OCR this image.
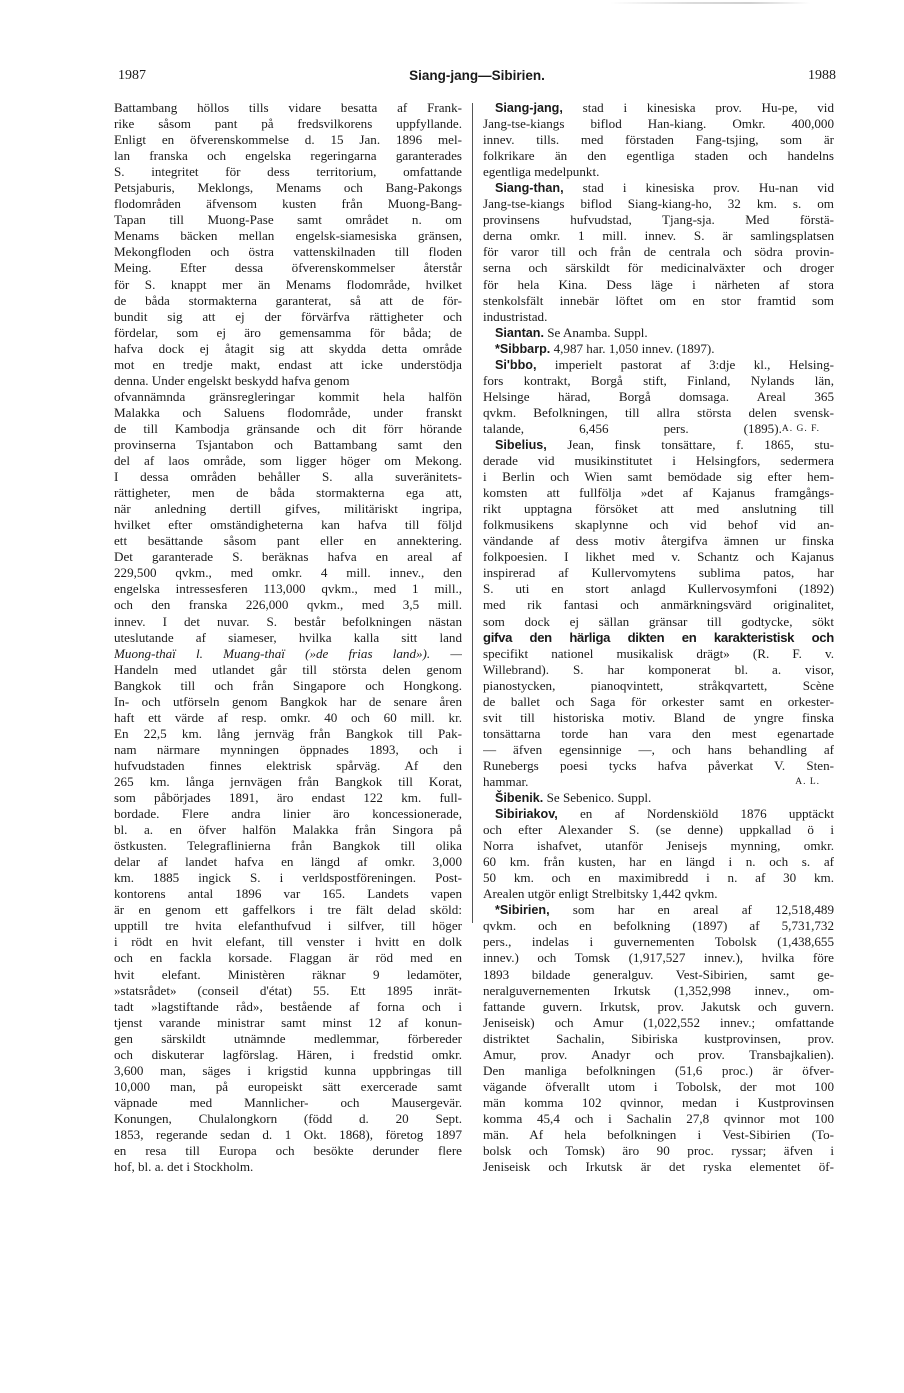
1987	Siang-jang—Sibirien.	1988
Battambang höllos tills vidare besatta af Frank-
rike såsom pant på fredsvilkorens uppfyllande.
Enligt en öfverenskommelse d. 15 Jan. 1896 mel-
lan franska och engelska regeringarna garanterades
S. integritet för dess territorium, omfattande
Petsjaburis, Meklongs, Menams och Bang-Pakongs
flodområden äfvensom kusten från Muong-Bang-
Tapan till Muong-Pase samt området n. om
Menams bäcken mellan engelsk-siamesiska gränsen,
Mekongfloden och östra vattenskilnaden till floden
Meing. Efter dessa öfverenskommelser återstår
för S. knappt mer än Menams flodområde, hvilket
de båda stormakterna garanterat, så att de för-
bundit sig att ej der förvärfva rättigheter och
fördelar, som ej äro gemensamma för båda; de
hafva dock ej åtagit sig att skydda detta område
mot en tredje makt, endast att icke understödja
denna. Under engelskt beskydd hafva genom
ofvannämnda gränsregleringar kommit hela halfön
Malakka och Saluens flodområde, under franskt
de till Kambodja gränsande och dit förr hörande
provinserna Tsjantabon och Battambang samt den
del af laos område, som ligger höger om Mekong.
I dessa områden behåller S. alla suveränitets-
rättigheter, men de båda stormakterna ega att,
när anledning dertill gifves, militäriskt ingripa,
hvilket efter omständigheterna kan hafva till följd
ett besättande såsom pant eller en annektering.
Det garanterade S. beräknas hafva en areal af
229,500 qvkm., med omkr. 4 mill. innev., den
engelska intressesferen 113,000 qvkm., med 1 mill.,
och den franska 226,000 qvkm., med 3,5 mill.
innev. I det nuvar. S. består befolkningen nästan
uteslutande af siameser, hvilka kalla sitt land
Muong-thaï l. Muang-thaï (»de frias land»). —
Handeln med utlandet går till största delen genom
Bangkok till och från Singapore och Hongkong.
In- och utförseln genom Bangkok har de senare åren
haft ett värde af resp. omkr. 40 och 60 mill. kr.
En 22,5 km. lång jernväg från Bangkok till Pak-
nam närmare mynningen öppnades 1893, och i
hufvudstaden finnes elektrisk spårväg. Af den
265 km. långa jernvägen från Bangkok till Korat,
som påbörjades 1891, äro endast 122 km. full-
bordade. Flere andra linier äro koncessionerade,
bl. a. en öfver halfön Malakka från Singora på
östkusten. Telegraflinierna från Bangkok till olika
delar af landet hafva en längd af omkr. 3,000
km. 1885 ingick S. i verldspostföreningen. Post-
kontorens antal 1896 var 165. Landets vapen
är en genom ett gaffelkors i tre fält delad sköld:
upptill tre hvita elefanthufvud i silfver, till höger
i rödt en hvit elefant, till venster i hvitt en dolk
och en fackla korsade. Flaggan är röd med en
hvit elefant. Ministèren räknar 9 ledamöter,
»statsrådet» (conseil d'état) 55. Ett 1895 inrät-
tadt »lagstiftande råd», bestående af forna och i
tjenst varande ministrar samt minst 12 af konun-
gen särskildt utnämnde medlemmar, förbereder
och diskuterar lagförslag. Hären, i fredstid omkr.
3,600 man, säges i krigstid kunna uppbringas till
10,000 man, på europeiskt sätt exercerade samt
väpnade med Mannlicher- och Mausergevär.
Konungen, Chulalongkorn (född d. 20 Sept.
1853, regerande sedan d. 1 Okt. 1868), företog 1897
en resa till Europa och besökte derunder flere
hof, bl. a. det i Stockholm.
Siang-jang, stad i kinesiska prov. Hu-pe, vid
Jang-tse-kiangs biflod Han-kiang. Omkr. 400,000
innev. tills. med förstaden Fang-tsjing, som är
folkrikare än den egentliga staden och handelns
egentliga medelpunkt.
Siang-than, stad i kinesiska prov. Hu-nan vid
Jang-tse-kiangs biflod Siang-kiang-ho, 32 km. s. om
provinsens hufvudstad, Tjang-sja. Med förstä-
derna omkr. 1 mill. innev. S. är samlingsplatsen
för varor till och från de centrala och södra provin-
serna och särskildt för medicinalväxter och droger
för hela Kina. Dess läge i närheten af stora
stenkolsfält innebär löftet om en stor framtid som
industristad.
Siantan. Se Anamba. Suppl.
*Sibbarp. 4,987 har. 1,050 innev. (1897).
Si'bbo, imperielt pastorat af 3:dje kl., Helsing-
fors kontrakt, Borgå stift, Finland, Nylands län,
Helsinge härad, Borgå domsaga. Areal 365
qvkm. Befolkningen, till allra största delen svensk-
talande, 6,456 pers. (1895). A. G. F.
Sibelius, Jean, finsk tonsättare, f. 1865, stu-
derade vid musikinstitutet i Helsingfors, sedermera
i Berlin och Wien samt bemödade sig efter hem-
komsten att fullfölja »det af Kajanus framgångs-
rikt upptagna försöket att med anslutning till
folkmusikens skaplynne och vid behof vid an-
vändande af dess motiv återgifva ämnen ur finska
folkpoesien. I likhet med v. Schantz och Kajanus
inspirerad af Kullervomytens sublima patos, har
S. uti en stort anlagd Kullervosymfoni (1892)
med rik fantasi och anmärkningsvärd originalitet,
som dock ej sällan gränsar till godtycke, sökt
gifva den härliga dikten en karakteristisk och
specifikt nationel musikalisk drägt» (R. F. v.
Willebrand). S. har komponerat bl. a. visor,
pianostycken, pianoqvintett, stråkqvartett, Scène
de ballet och Saga för orkester samt en orkester-
svit till historiska motiv. Bland de yngre finska
tonsättarna torde han vara den mest egenartade
— äfven egensinnige —, och hans behandling af
Runebergs poesi tycks hafva påverkat V. Sten-
hammar.	A. L.
Šibenik. Se Sebenico. Suppl.
Sibiriakov, en af Nordenskiöld 1876 upptäckt
och efter Alexander S. (se denne) uppkallad ö i
Norra ishafvet, utanför Jenisejs mynning, omkr.
60 km. från kusten, har en längd i n. och s. af
50 km. och en maximibredd i n. af 30 km.
Arealen utgör enligt Strelbitsky 1,442 qvkm.
*Sibirien, som har en areal af 12,518,489
qvkm. och en befolkning (1897) af 5,731,732
pers., indelas i guvernementen Tobolsk (1,438,655
innev.) och Tomsk (1,917,527 innev.), hvilka före
1893 bildade generalguv. Vest-Sibirien, samt ge-
neralguvernementen Irkutsk (1,352,998 innev., om-
fattande guvern. Irkutsk, prov. Jakutsk och guvern.
Jeniseisk) och Amur (1,022,552 innev.; omfattande
distriktet Sachalin, Sibiriska kustprovinsen, prov.
Amur, prov. Anadyr och prov. Transbajkalien).
Den manliga befolkningen (51,6 proc.) är öfver-
vägande öfverallt utom i Tobolsk, der mot 100
män komma 102 qvinnor, medan i Kustprovinsen
komma 45,4 och i Sachalin 27,8 qvinnor mot 100
män. Af hela befolkningen i Vest-Sibirien (To-
bolsk och Tomsk) äro 90 proc. ryssar; äfven i
Jeniseisk och Irkutsk är det ryska elementet öf-
